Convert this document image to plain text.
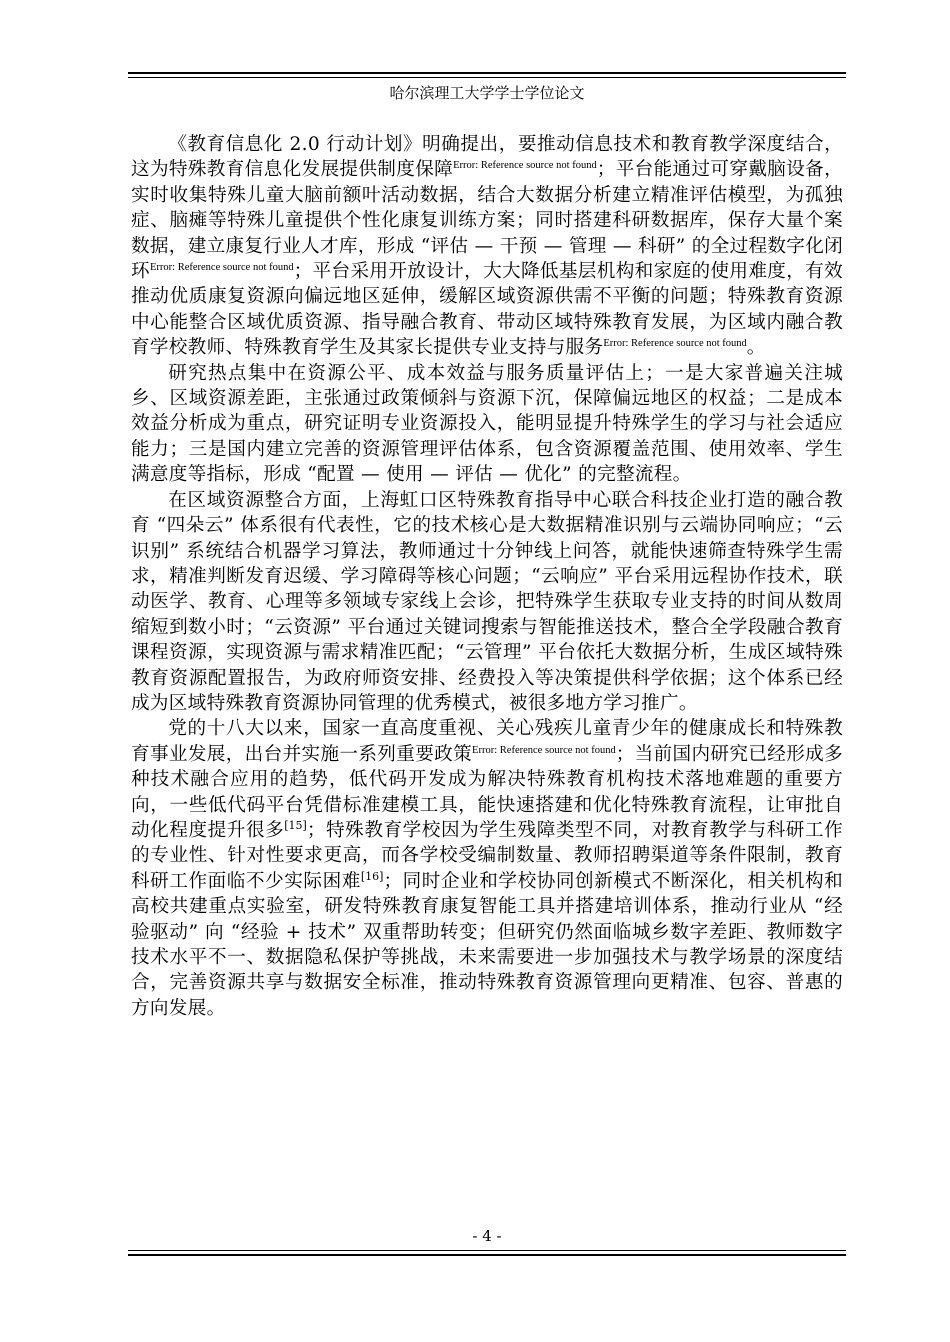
哈尔滨理工大学学士学位论文

《教育信息化 2.0 行动计划》明确提出，要推动信息技术和教育教学深度结合，这为特殊教育信息化发展提供制度保障$^{Error: Reference source not found}$；平台能通过可穿戴脑设备，实时收集特殊儿童大脑前额叶活动数据，结合大数据分析建立精准评估模型，为孤独症、脑瘫等特殊儿童提供个性化康复训练方案；同时搭建科研数据库，保存大量个案数据，建立康复行业人才库，形成 “评估 — 干预 — 管理 — 科研” 的全过程数字化闭环$^{Error: Reference source not found}$；平台采用开放设计，大大降低基层机构和家庭的使用难度，有效推动优质康复资源向偏远地区延伸，缓解区域资源供需不平衡的问题；特殊教育资源中心能整合区域优质资源、指导融合教育、带动区域特殊教育发展，为区域内融合教育学校教师、特殊教育学生及其家长提供专业支持与服务$^{Error: Reference source not found}$。

研究热点集中在资源公平、成本效益与服务质量评估上；一是大家普遍关注城乡、区域资源差距，主张通过政策倾斜与资源下沉，保障偏远地区的权益；二是成本效益分析成为重点，研究证明专业资源投入，能明显提升特殊学生的学习与社会适应能力；三是国内建立完善的资源管理评估体系，包含资源覆盖范围、使用效率、学生满意度等指标，形成 “配置 — 使用 — 评估 — 优化” 的完整流程。

在区域资源整合方面，上海虹口区特殊教育指导中心联合科技企业打造的融合教育 “四朵云” 体系很有代表性，它的技术核心是大数据精准识别与云端协同响应；“云识别” 系统结合机器学习算法，教师通过十分钟线上问答，就能快速筛查特殊学生需求，精准判断发育迟缓、学习障碍等核心问题；“云响应” 平台采用远程协作技术，联动医学、教育、心理等多领域专家线上会诊，把特殊学生获取专业支持的时间从数周缩短到数小时；“云资源” 平台通过关键词搜索与智能推送技术，整合全学段融合教育课程资源，实现资源与需求精准匹配；“云管理” 平台依托大数据分析，生成区域特殊教育资源配置报告，为政府师资安排、经费投入等决策提供科学依据；这个体系已经成为区域特殊教育资源协同管理的优秀模式，被很多地方学习推广。

党的十八大以来，国家一直高度重视、关心残疾儿童青少年的健康成长和特殊教育事业发展，出台并实施一系列重要政策$^{Error: Reference source not found}$；当前国内研究已经形成多种技术融合应用的趋势，低代码开发成为解决特殊教育机构技术落地难题的重要方向，一些低代码平台凭借标准建模工具，能快速搭建和优化特殊教育流程，让审批自动化程度提升很多[15]；特殊教育学校因为学生残障类型不同，对教育教学与科研工作的专业性、针对性要求更高，而各学校受编制数量、教师招聘渠道等条件限制，教育科研工作面临不少实际困难[16]；同时企业和学校协同创新模式不断深化，相关机构和高校共建重点实验室，研发特殊教育康复智能工具并搭建培训体系，推动行业从 “经验驱动” 向 “经验 + 技术” 双重帮助转变；但研究仍然面临城乡数字差距、教师数字技术水平不一、数据隐私保护等挑战，未来需要进一步加强技术与教学场景的深度结合，完善资源共享与数据安全标准，推动特殊教育资源管理向更精准、包容、普惠的方向发展。

- 4 -
